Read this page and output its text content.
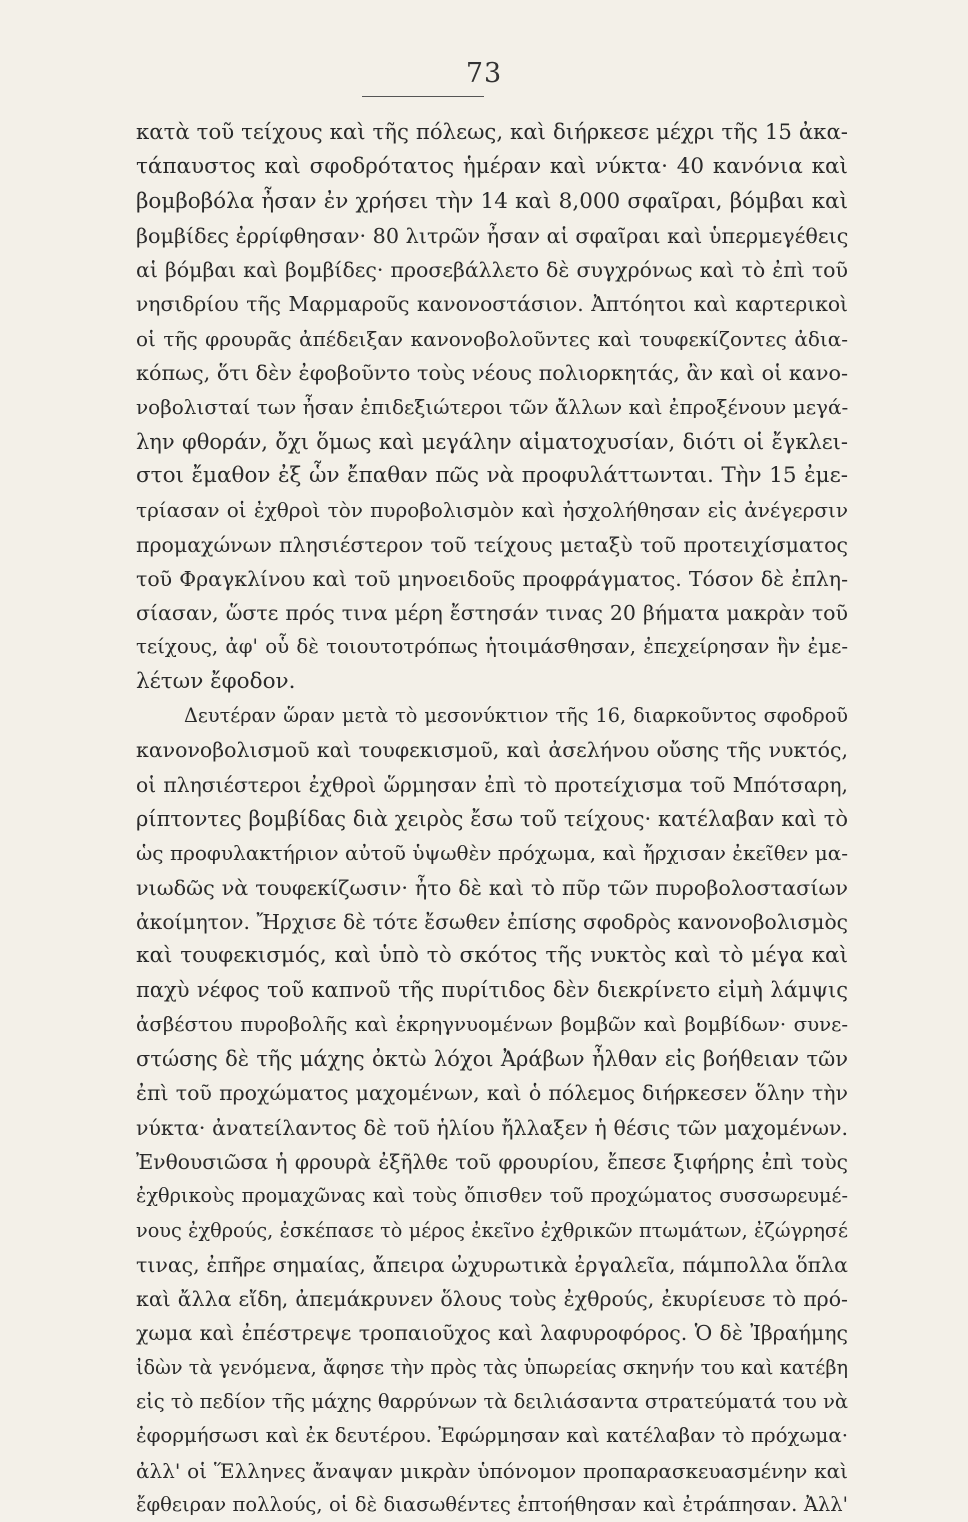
73
κατὰ τοῦ τείχους καὶ τῆς πόλεως, καὶ διήρκεσε μέχρι τῆς 15 ἀκα-
τάπαυστος καὶ σφοδρότατος ἡμέραν καὶ νύκτα· 40 κανόνια καὶ
βομβοβόλα ἦσαν ἐν χρήσει τὴν 14 καὶ 8,000 σφαῖραι, βόμβαι καὶ
βομβίδες ἐρρίφθησαν· 80 λιτρῶν ἦσαν αἱ σφαῖραι καὶ ὑπερμεγέθεις
αἱ βόμβαι καὶ βομβίδες· προσεβάλλετο δὲ συγχρόνως καὶ τὸ ἐπὶ τοῦ
νησιδρίου τῆς Μαρμαροῦς κανονοστάσιον. Ἀπτόητοι καὶ καρτερικοὶ
οἱ τῆς φρουρᾶς ἀπέδειξαν κανονοβολοῦντες καὶ τουφεκίζοντες ἀδια-
κόπως, ὅτι δὲν ἐφοβοῦντο τοὺς νέους πολιορκητάς, ἂν καὶ οἱ κανο-
νοβολισταί των ἦσαν ἐπιδεξιώτεροι τῶν ἄλλων καὶ ἐπροξένουν μεγά-
λην φθοράν, ὄχι ὅμως καὶ μεγάλην αἱματοχυσίαν, διότι οἱ ἔγκλει-
στοι ἔμαθον ἐξ ὧν ἔπαθαν πῶς νὰ προφυλάττωνται. Τὴν 15 ἐμε-
τρίασαν οἱ ἐχθροὶ τὸν πυροβολισμὸν καὶ ἠσχολήθησαν εἰς ἀνέγερσιν
προμαχώνων πλησιέστερον τοῦ τείχους μεταξὺ τοῦ προτειχίσματος
τοῦ Φραγκλίνου καὶ τοῦ μηνοειδοῦς προφράγματος. Τόσον δὲ ἐπλη-
σίασαν, ὥστε πρός τινα μέρη ἔστησάν τινας 20 βήματα μακρὰν τοῦ
τείχους, ἀφ' οὗ δὲ τοιουτοτρόπως ἡτοιμάσθησαν, ἐπεχείρησαν ἣν ἐμε-
λέτων ἔφοδον.
Δευτέραν ὥραν μετὰ τὸ μεσονύκτιον τῆς 16, διαρκοῦντος σφοδροῦ
κανονοβολισμοῦ καὶ τουφεκισμοῦ, καὶ ἀσελήνου οὔσης τῆς νυκτός,
οἱ πλησιέστεροι ἐχθροὶ ὥρμησαν ἐπὶ τὸ προτείχισμα τοῦ Μπότσαρη,
ρίπτοντες βομβίδας διὰ χειρὸς ἔσω τοῦ τείχους· κατέλαβαν καὶ τὸ
ὡς προφυλακτήριον αὐτοῦ ὑψωθὲν πρόχωμα, καὶ ἤρχισαν ἐκεῖθεν μα-
νιωδῶς νὰ τουφεκίζωσιν· ἦτο δὲ καὶ τὸ πῦρ τῶν πυροβολοστασίων
ἀκοίμητον. Ἤρχισε δὲ τότε ἔσωθεν ἐπίσης σφοδρὸς κανονοβολισμὸς
καὶ τουφεκισμός, καὶ ὑπὸ τὸ σκότος τῆς νυκτὸς καὶ τὸ μέγα καὶ
παχὺ νέφος τοῦ καπνοῦ τῆς πυρίτιδος δὲν διεκρίνετο εἰμὴ λάμψις
ἀσβέστου πυροβολῆς καὶ ἐκρηγνυομένων βομβῶν καὶ βομβίδων· συνε-
στώσης δὲ τῆς μάχης ὀκτὼ λόχοι Ἀράβων ἦλθαν εἰς βοήθειαν τῶν
ἐπὶ τοῦ προχώματος μαχομένων, καὶ ὁ πόλεμος διήρκεσεν ὅλην τὴν
νύκτα· ἀνατείλαντος δὲ τοῦ ἡλίου ἤλλαξεν ἡ θέσις τῶν μαχομένων.
Ἐνθουσιῶσα ἡ φρουρὰ ἐξῆλθε τοῦ φρουρίου, ἔπεσε ξιφήρης ἐπὶ τοὺς
ἐχθρικοὺς προμαχῶνας καὶ τοὺς ὄπισθεν τοῦ προχώματος συσσωρευμέ-
νους ἐχθρούς, ἐσκέπασε τὸ μέρος ἐκεῖνο ἐχθρικῶν πτωμάτων, ἐζώγρησέ
τινας, ἐπῆρε σημαίας, ἄπειρα ὠχυρωτικὰ ἐργαλεῖα, πάμπολλα ὅπλα
καὶ ἄλλα εἴδη, ἀπεμάκρυνεν ὅλους τοὺς ἐχθρούς, ἐκυρίευσε τὸ πρό-
χωμα καὶ ἐπέστρεψε τροπαιοῦχος καὶ λαφυροφόρος. Ὁ δὲ Ἰβραήμης
ἰδὼν τὰ γενόμενα, ἄφησε τὴν πρὸς τὰς ὑπωρείας σκηνήν του καὶ κατέβη
εἰς τὸ πεδίον τῆς μάχης θαρρύνων τὰ δειλιάσαντα στρατεύματά του νὰ
ἐφορμήσωσι καὶ ἐκ δευτέρου. Ἐφώρμησαν καὶ κατέλαβαν τὸ πρόχωμα·
ἀλλ' οἱ Ἕλληνες ἄναψαν μικρὰν ὑπόνομον προπαρασκευασμένην καὶ
ἔφθειραν πολλούς, οἱ δὲ διασωθέντες ἐπτοήθησαν καὶ ἐτράπησαν. Ἀλλ'
